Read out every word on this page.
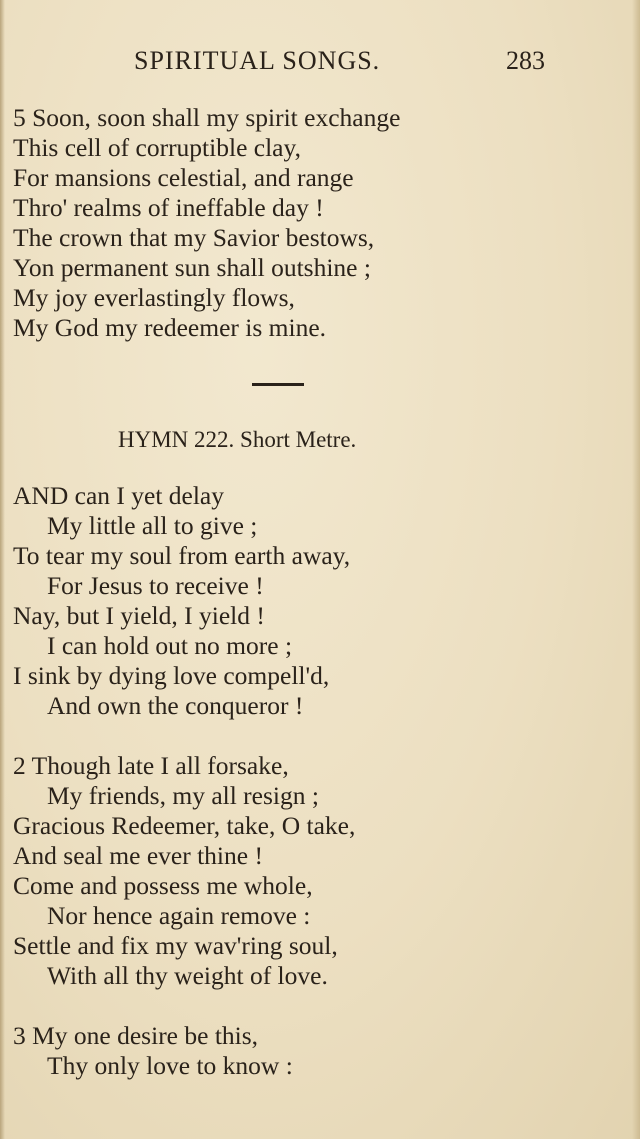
SPIRITUAL SONGS.	283
5 Soon, soon shall my spirit exchange
This cell of corruptible clay,
For mansions celestial, and range
Thro' realms of ineffable day !
The crown that my Savior bestows,
Yon permanent sun shall outshine ;
My joy everlastingly flows,
My God my redeemer is mine.
HYMN 222. Short Metre.
AND can I yet delay
My little all to give ;
To tear my soul from earth away,
For Jesus to receive !
Nay, but I yield, I yield !
I can hold out no more ;
I sink by dying love compell'd,
And own the conqueror !
2 Though late I all forsake,
My friends, my all resign ;
Gracious Redeemer, take, O take,
And seal me ever thine !
Come and possess me whole,
Nor hence again remove :
Settle and fix my wav'ring soul,
With all thy weight of love.
3 My one desire be this,
Thy only love to know :
